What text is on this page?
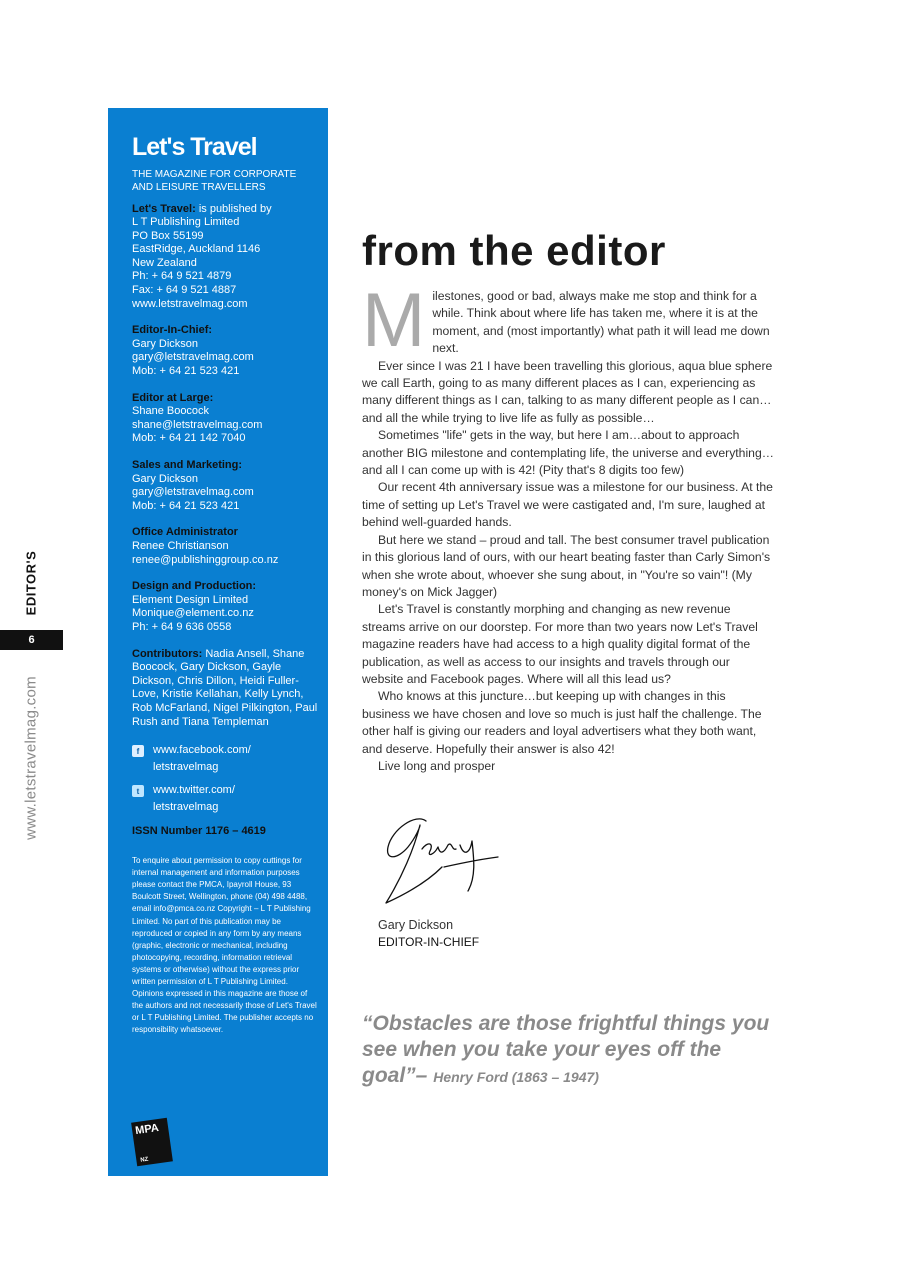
EDITOR'S
6
www.letstravelmag.com
Let's Travel
THE MAGAZINE FOR CORPORATE AND LEISURE TRAVELLERS
Let's Travel: is published by
L T Publishing Limited
PO Box 55199
EastRidge, Auckland 1146
New Zealand
Ph: + 64 9 521 4879
Fax: + 64 9 521 4887
www.letstravelmag.com
Editor-In-Chief:
Gary Dickson
gary@letstravelmag.com
Mob: + 64 21 523 421
Editor at Large:
Shane Boocock
shane@letstravelmag.com
Mob: + 64 21 142 7040
Sales and Marketing:
Gary Dickson
gary@letstravelmag.com
Mob: + 64 21 523 421
Office Administrator
Renee Christianson
renee@publishinggroup.co.nz
Design and Production:
Element Design Limited
Monique@element.co.nz
Ph: + 64 9 636 0558
Contributors: Nadia Ansell, Shane Boocock, Gary Dickson, Gayle Dickson, Chris Dillon, Heidi Fuller-Love, Kristie Kellahan, Kelly Lynch, Rob McFarland, Nigel Pilkington, Paul Rush and Tiana Templeman
f	www.facebook.com/
letstravelmag
t	www.twitter.com/
letstravelmag
ISSN Number 1176 – 4619
To enquire about permission to copy cuttings for internal management and information purposes please contact the PMCA, Ipayroll House, 93 Boulcott Street, Wellington, phone (04) 498 4488, email info@pmca.co.nz Copyright – L T Publishing Limited. No part of this publication may be reproduced or copied in any form by any means (graphic, electronic or mechanical, including photocopying, recording, information retrieval systems or otherwise) without the express prior written permission of L T Publishing Limited. Opinions expressed in this magazine are those of the authors and not necessarily those of Let's Travel or L T Publishing Limited. The publisher accepts no responsibility whatsoever.
MPA
NZ
from the editor

Milestones, good or bad, always make me stop and think for a while. Think about where life has taken me, where it is at the moment, and (most importantly) what path it will lead me down next.

Ever since I was 21 I have been travelling this glorious, aqua blue sphere we call Earth, going to as many different places as I can, experiencing as many different things as I can, talking to as many different people as I can…and all the while trying to live life as fully as possible…

Sometimes "life" gets in the way, but here I am…about to approach another BIG milestone and contemplating life, the universe and everything…and all I can come up with is 42! (Pity that's 8 digits too few)

Our recent 4th anniversary issue was a milestone for our business. At the time of setting up Let's Travel we were castigated and, I'm sure, laughed at behind well-guarded hands.

But here we stand – proud and tall. The best consumer travel publication in this glorious land of ours, with our heart beating faster than Carly Simon's when she wrote about, whoever she sung about, in "You're so vain"! (My money's on Mick Jagger)

Let's Travel is constantly morphing and changing as new revenue streams arrive on our doorstep. For more than two years now Let's Travel magazine readers have had access to a high quality digital format of the publication, as well as access to our insights and travels through our website and Facebook pages. Where will all this lead us?

Who knows at this juncture…but keeping up with changes in this business we have chosen and love so much is just half the challenge. The other half is giving our readers and loyal advertisers what they both want, and deserve. Hopefully their answer is also 42!

Live long and prosper

Gary Dickson
EDITOR-IN-CHIEF
“Obstacles are those frightful things you see when you take your eyes off the goal”– Henry Ford (1863 – 1947)
